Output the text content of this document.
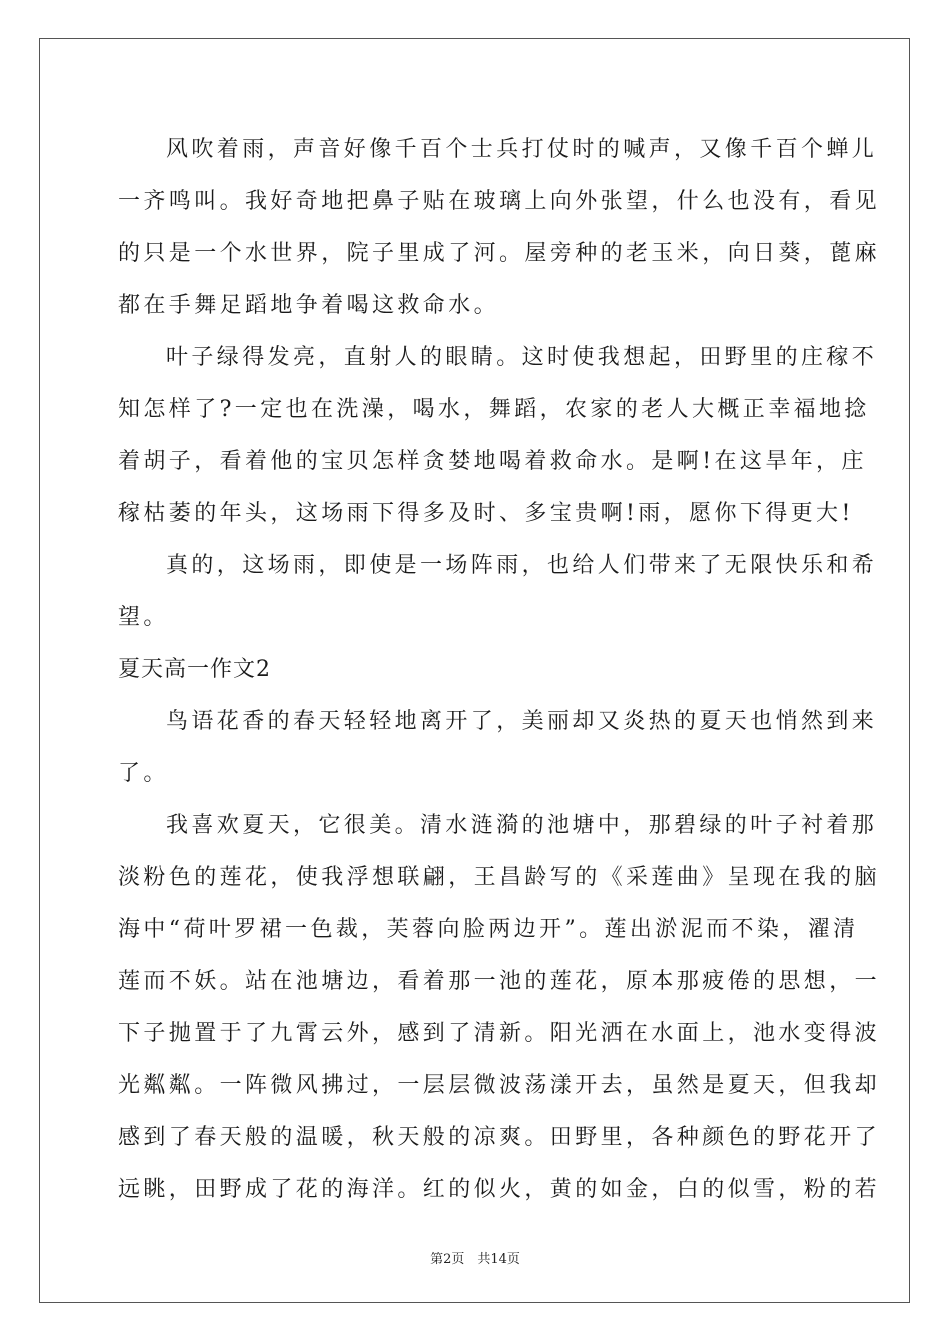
风吹着雨，声音好像千百个士兵打仗时的喊声，又像千百个蝉儿
一齐鸣叫。我好奇地把鼻子贴在玻璃上向外张望，什么也没有，看见
的只是一个水世界，院子里成了河。屋旁种的老玉米，向日葵，蓖麻
都在手舞足蹈地争着喝这救命水。
叶子绿得发亮，直射人的眼睛。这时使我想起，田野里的庄稼不
知怎样了?一定也在洗澡，喝水，舞蹈，农家的老人大概正幸福地捻
着胡子，看着他的宝贝怎样贪婪地喝着救命水。是啊!在这旱年，庄
稼枯萎的年头，这场雨下得多及时、多宝贵啊!雨，愿你下得更大!
真的，这场雨，即使是一场阵雨，也给人们带来了无限快乐和希
望。
夏天高一作文2
鸟语花香的春天轻轻地离开了，美丽却又炎热的夏天也悄然到来
了。
我喜欢夏天，它很美。清水涟漪的池塘中，那碧绿的叶子衬着那
淡粉色的莲花，使我浮想联翩，王昌龄写的《采莲曲》呈现在我的脑
海中“荷叶罗裙一色裁，芙蓉向脸两边开”。莲出淤泥而不染，濯清
莲而不妖。站在池塘边，看着那一池的莲花，原本那疲倦的思想，一
下子抛置于了九霄云外，感到了清新。阳光洒在水面上，池水变得波
光粼粼。一阵微风拂过，一层层微波荡漾开去，虽然是夏天，但我却
感到了春天般的温暖，秋天般的凉爽。田野里，各种颜色的野花开了
远眺，田野成了花的海洋。红的似火，黄的如金，白的似雪，粉的若
第2页　共14页
